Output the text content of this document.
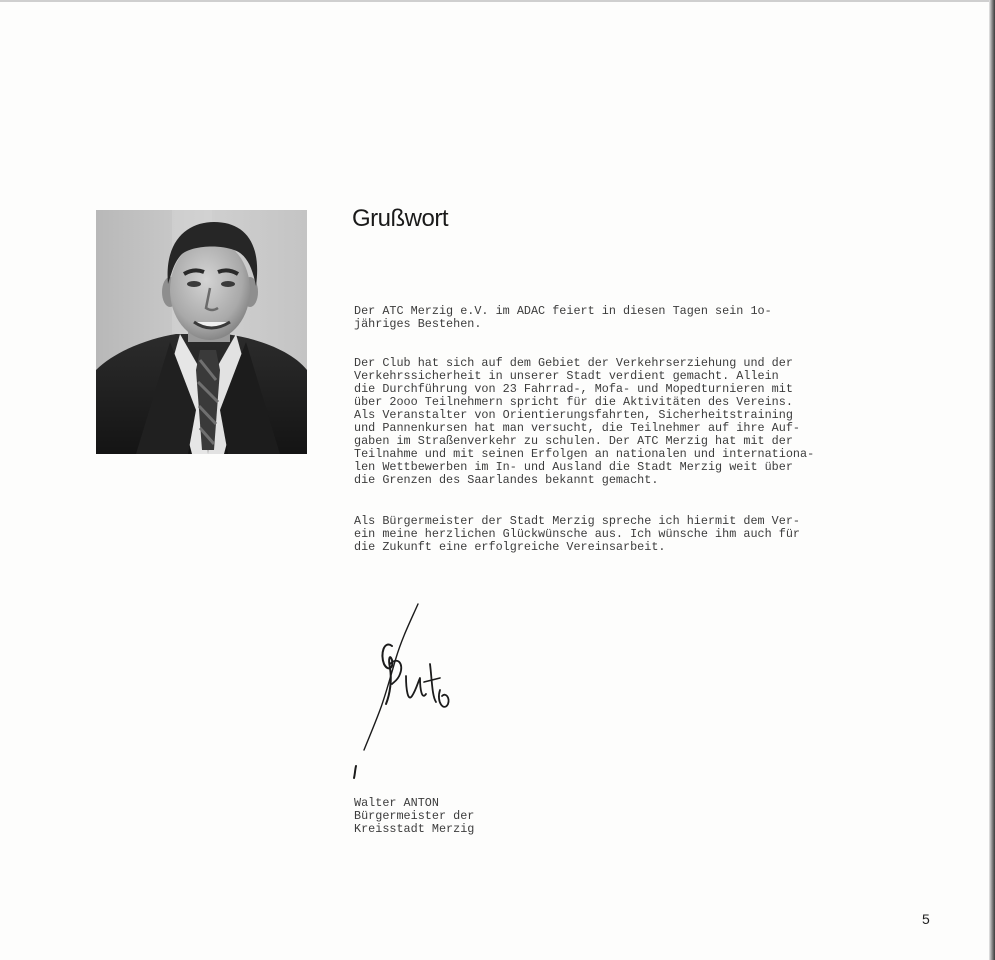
Grußwort

Der ATC Merzig e.V. im ADAC feiert in diesen Tagen sein 1o-
jähriges Bestehen.

Der Club hat sich auf dem Gebiet der Verkehrserziehung und der
Verkehrssicherheit in unserer Stadt verdient gemacht. Allein
die Durchführung von 23 Fahrrad-, Mofa- und Mopedturnieren mit
über 2ooo Teilnehmern spricht für die Aktivitäten des Vereins.
Als Veranstalter von Orientierungsfahrten, Sicherheitstraining
und Pannenkursen hat man versucht, die Teilnehmer auf ihre Auf-
gaben im Straßenverkehr zu schulen. Der ATC Merzig hat mit der
Teilnahme und mit seinen Erfolgen an nationalen und internationa-
len Wettbewerben im In- und Ausland die Stadt Merzig weit über
die Grenzen des Saarlandes bekannt gemacht.

Als Bürgermeister der Stadt Merzig spreche ich hiermit dem Ver-
ein meine herzlichen Glückwünsche aus. Ich wünsche ihm auch für
die Zukunft eine erfolgreiche Vereinsarbeit.

Walter ANTON
Bürgermeister der
Kreisstadt Merzig
5
